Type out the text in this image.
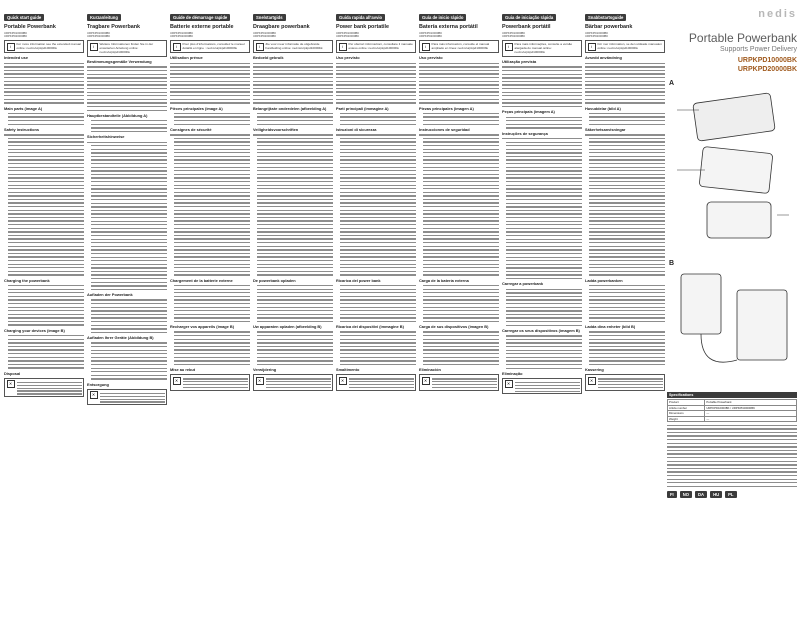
Quick start guide
Portable Powerbank
URPKPD10000BK
URPKPD20000BK
i	For more information see the extended manual online: ned.is/urpkpd10000bk

Intended use
Main parts (image A)
Safety instructions
Charging the powerbank
Charging your devices (image B)
Disposal
✕
Kurzanleitung
Tragbare Powerbank
URPKPD10000BK
URPKPD20000BK
i	Weitere Informationen finden Sie in der erweiterten Anleitung online: ned.is/urpkpd10000bk

Bestimmungsgemäße Verwendung
Hauptbestandteile (Abbildung A)
Sicherheitshinweise
Aufladen der Powerbank
Aufladen Ihrer Geräte (Abbildung B)
Entsorgung
✕
Guide de démarrage rapide
Batterie externe portable
URPKPD10000BK
URPKPD20000BK
i	Pour plus d'informations, consultez le manuel détaillé en ligne : ned.is/urpkpd10000bk

Utilisation prévue
Pièces principales (image A)
Consignes de sécurité
Chargement de la batterie externe
Recharger vos appareils (image B)
Mise au rebut
✕
Snelstartgids
Draagbare powerbank
URPKPD10000BK
URPKPD20000BK
i	Zie voor meer informatie de uitgebreide handleiding online: ned.is/urpkpd10000bk

Bedoeld gebruik
Belangrijkste onderdelen (afbeelding A)
Veiligheidsvoorschriften
De powerbank opladen
Uw apparaten opladen (afbeelding B)
Verwijdering
✕
Guida rapida all'avvio
Power bank portatile
URPKPD10000BK
URPKPD20000BK
i	Per ulteriori informazioni, consultare il manuale esteso online: ned.is/urpkpd10000bk

Uso previsto
Parti principali (immagine A)
Istruzioni di sicurezza
Ricarica del power bank
Ricarica dei dispositivi (immagine B)
Smaltimento
✕
Guía de inicio rápido
Batería externa portátil
URPKPD10000BK
URPKPD20000BK
i	Para más información, consulte el manual ampliado en línea: ned.is/urpkpd10000bk

Uso previsto
Piezas principales (imagen A)
Instrucciones de seguridad
Carga de la batería externa
Carga de sus dispositivos (imagen B)
Eliminación
✕
Guia de iniciação rápida
Powerbank portátil
URPKPD10000BK
URPKPD20000BK
i	Para mais informações, consulte a versão alargada do manual online: ned.is/urpkpd10000bk

Utilização prevista
Peças principais (imagem A)
Instruções de segurança
Carregar a powerbank
Carregar os seus dispositivos (imagem B)
Eliminação
✕
Snabbstartsguide
Bärbar powerbank
URPKPD10000BK
URPKPD20000BK
i	För mer information, se den utökade manualen online: ned.is/urpkpd10000bk

Avsedd användning
Huvuddelar (bild A)
Säkerhetsanvisningar
Ladda powerbanken
Ladda dina enheter (bild B)
Kassering
✕
nedis
Portable Powerbank
Supports Power Delivery
URPKPD10000BK
URPKPD20000BK
A
B
Specifications
Product	Portable Powerbank
Article number	URPKPD10000BK / URPKPD20000BK
Dimensions	—
Weight	—
FI	NO	DA	HU	PL
